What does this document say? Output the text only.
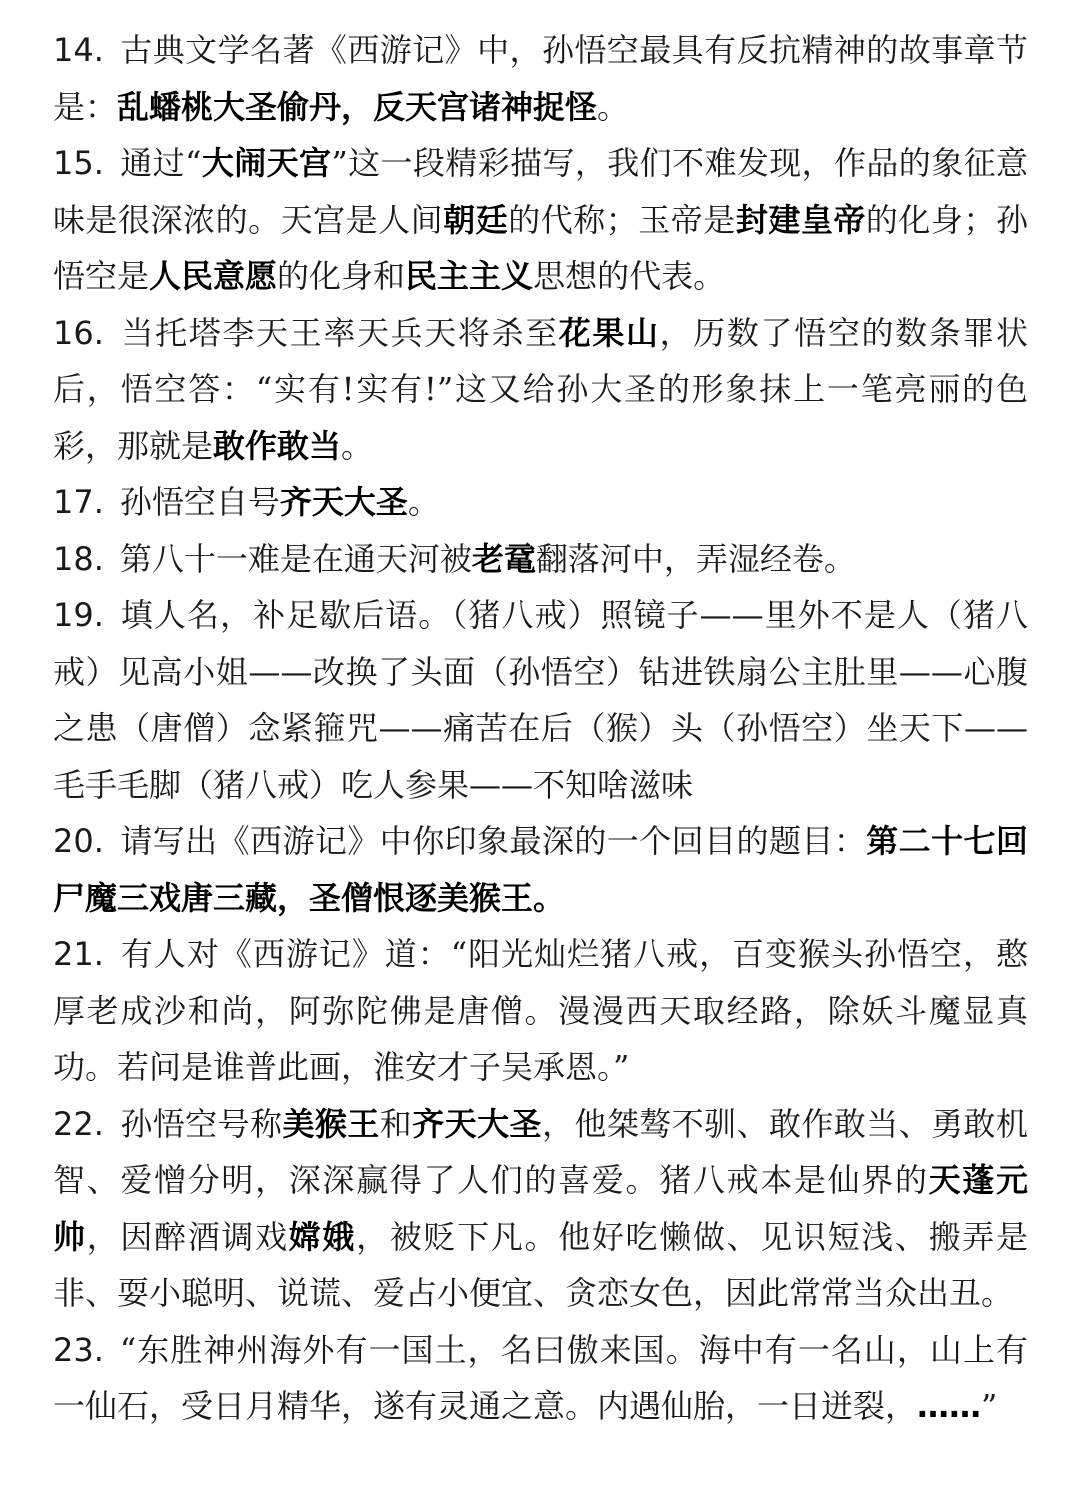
14.  古典文学名著《西游记》中，孙悟空最具有反抗精神的故事章节是：乱蟠桃大圣偷丹，反天宫诸神捉怪。
15.  通过“大闹天宫”这一段精彩描写，我们不难发现，作品的象征意味是很深浓的。天宫是人间朝廷的代称；玉帝是封建皇帝的化身；孙悟空是人民意愿的化身和民主主义思想的代表。
16.  当托塔李天王率天兵天将杀至花果山，历数了悟空的数条罪状后，悟空答：“实有!实有!”这又给孙大圣的形象抹上一笔亮丽的色彩，那就是敢作敢当。
17.  孙悟空自号齐天大圣。
18.  第八十一难是在通天河被老鼋翻落河中，弄湿经卷。
19.  填人名，补足歇后语。（猪八戒）照镜子——里外不是人（猪八戒）见高小姐——改换了头面（孙悟空）钻进铁扇公主肚里——心腹之患（唐僧）念紧箍咒——痛苦在后（猴）头（孙悟空）坐天下——毛手毛脚（猪八戒）吃人参果——不知啥滋味
20.  请写出《西游记》中你印象最深的一个回目的题目：第二十七回尸魔三戏唐三藏，圣僧恨逐美猴王。
21.  有人对《西游记》道：“阳光灿烂猪八戒，百变猴头孙悟空，憨厚老成沙和尚，阿弥陀佛是唐僧。漫漫西天取经路，除妖斗魔显真功。若问是谁普此画，淮安才子吴承恩。”
22.  孙悟空号称美猴王和齐天大圣，他桀骜不驯、敢作敢当、勇敢机智、爱憎分明，深深赢得了人们的喜爱。猪八戒本是仙界的天蓬元帅，因醉酒调戏嫦娥，被贬下凡。他好吃懒做、见识短浅、搬弄是非、耍小聪明、说谎、爱占小便宜、贪恋女色，因此常常当众出丑。
23.  “东胜神州海外有一国土，名曰傲来国。海中有一名山，山上有一仙石，受日月精华，遂有灵通之意。内遇仙胎，一日迸裂，……”
